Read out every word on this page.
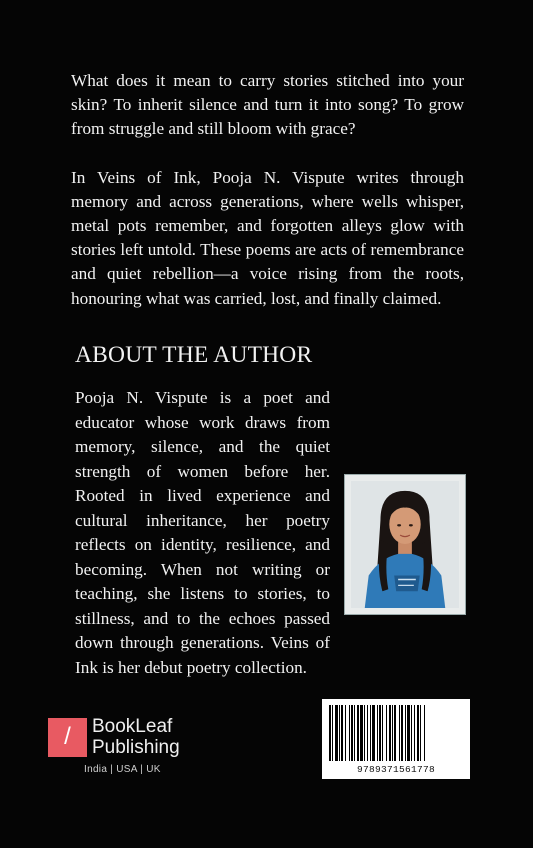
What does it mean to carry stories stitched into your skin? To inherit silence and turn it into song? To grow from struggle and still bloom with grace?

In Veins of Ink, Pooja N. Vispute writes through memory and across generations, where wells whisper, metal pots remember, and forgotten alleys glow with stories left untold. These poems are acts of remembrance and quiet rebellion—a voice rising from the roots, honouring what was carried, lost, and finally claimed.

ABOUT THE AUTHOR

Pooja N. Vispute is a poet and educator whose work draws from memory, silence, and the quiet strength of women before her. Rooted in lived experience and cultural inheritance, her poetry reflects on identity, resilience, and becoming. When not writing or teaching, she listens to stories, to stillness, and to the echoes passed down through generations. Veins of Ink is her debut poetry collection.

/	BookLeaf
Publishing
India | USA | UK	9789371561778
